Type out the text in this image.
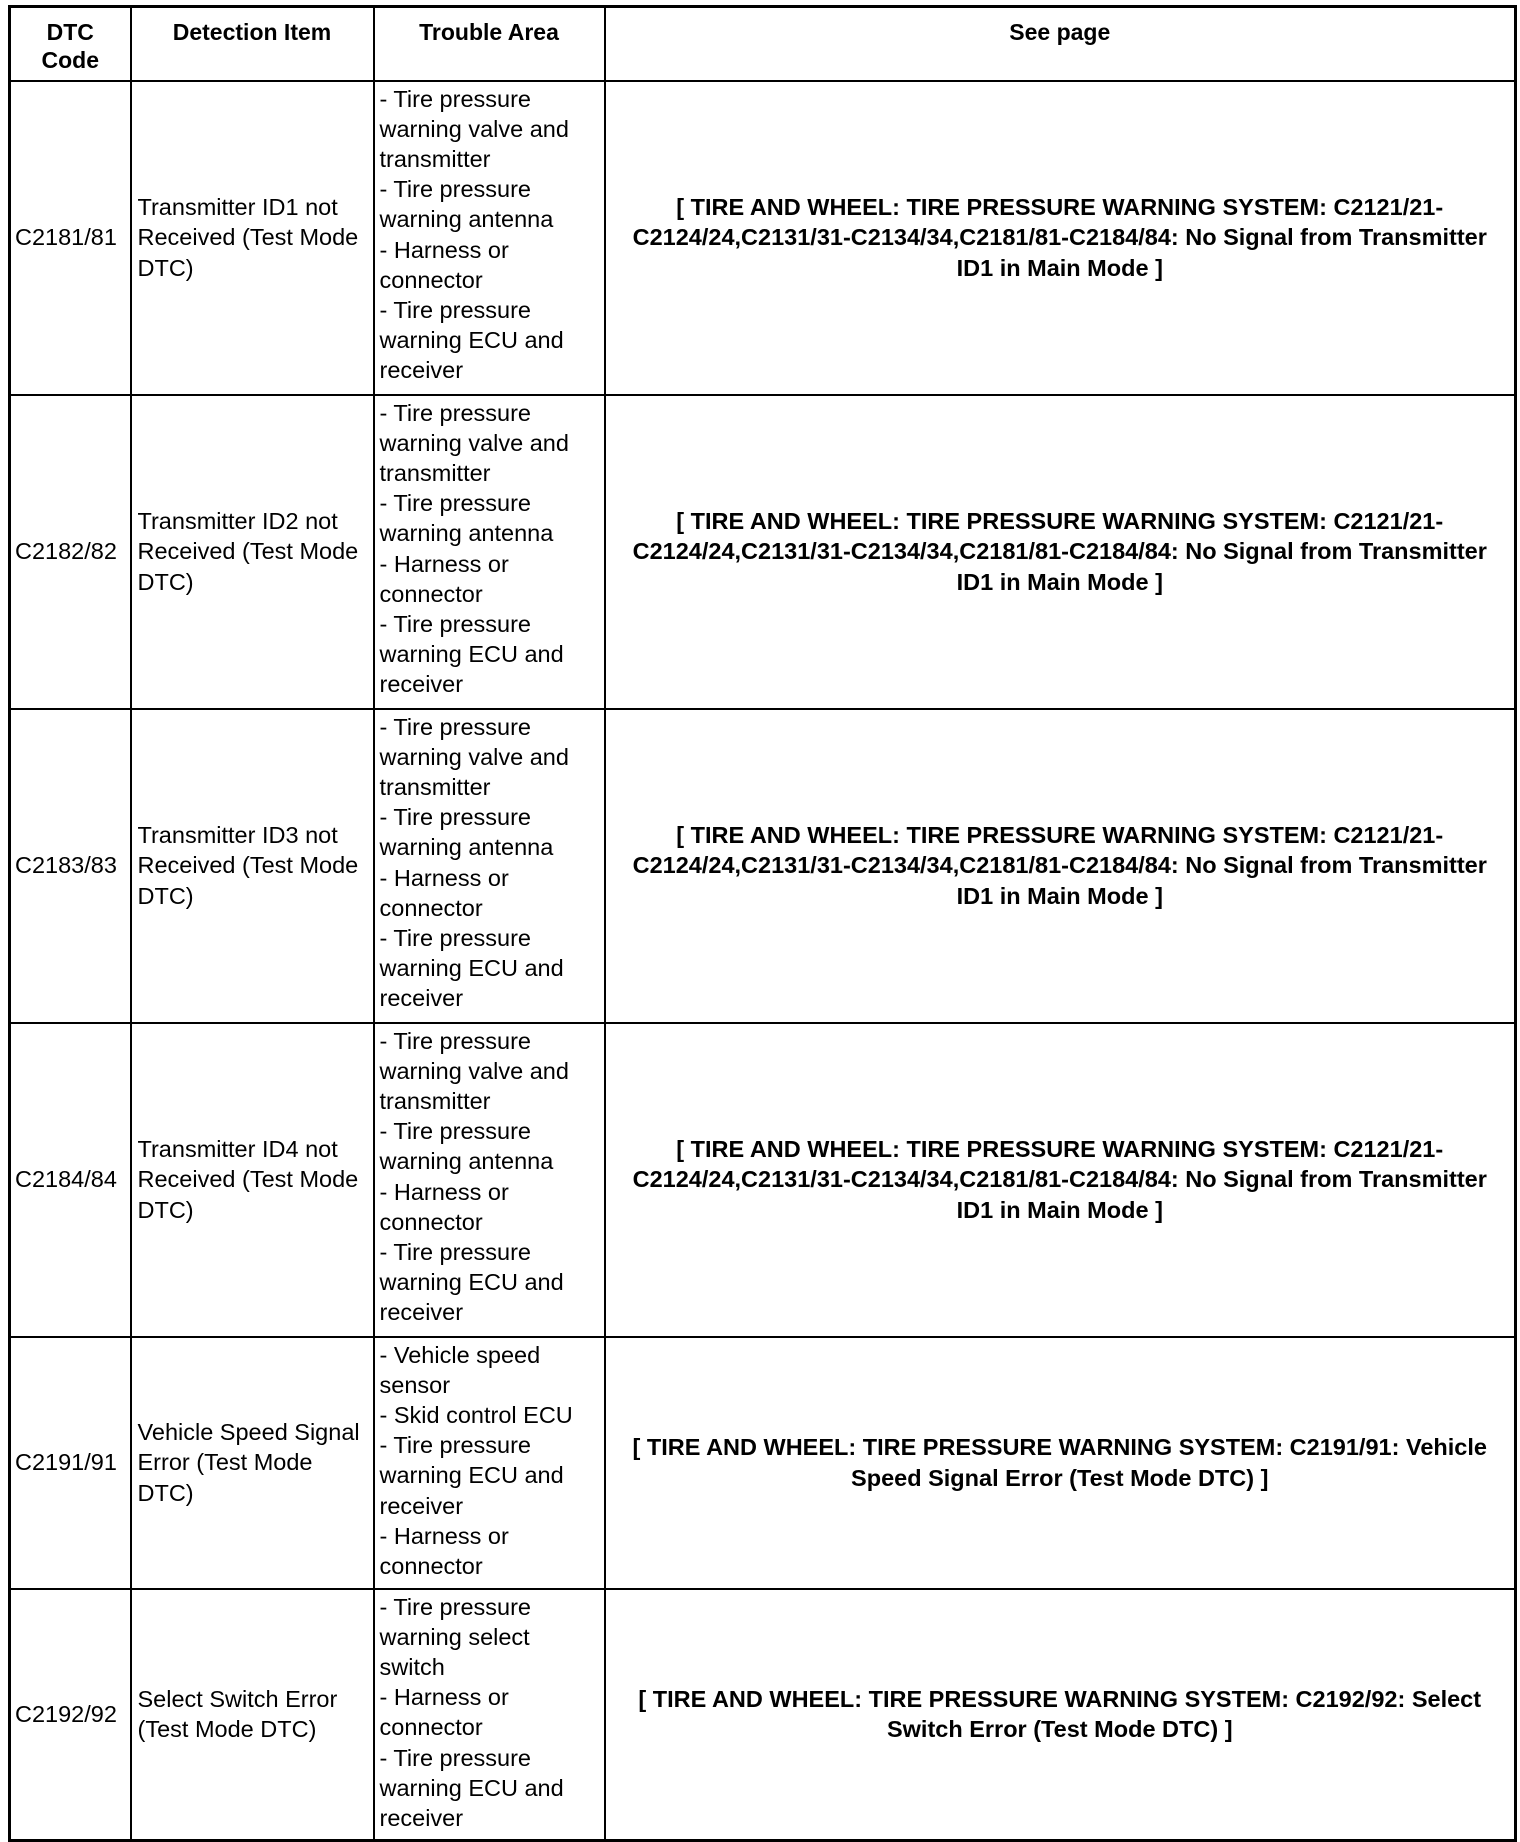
DTC
Code	Detection Item	Trouble Area	See page
C2181/81	Transmitter ID1 not Received (Test Mode DTC)	- Tire pressure warning valve and transmitter
- Tire pressure warning antenna
- Harness or connector
- Tire pressure warning ECU and receiver	[ TIRE AND WHEEL: TIRE PRESSURE WARNING SYSTEM: C2121/21-C2124/24,C2131/31-C2134/34,C2181/81-C2184/84: No Signal from Transmitter ID1 in Main Mode ]
C2182/82	Transmitter ID2 not Received (Test Mode DTC)	- Tire pressure warning valve and transmitter
- Tire pressure warning antenna
- Harness or connector
- Tire pressure warning ECU and receiver	[ TIRE AND WHEEL: TIRE PRESSURE WARNING SYSTEM: C2121/21-C2124/24,C2131/31-C2134/34,C2181/81-C2184/84: No Signal from Transmitter ID1 in Main Mode ]
C2183/83	Transmitter ID3 not Received (Test Mode DTC)	- Tire pressure warning valve and transmitter
- Tire pressure warning antenna
- Harness or connector
- Tire pressure warning ECU and receiver	[ TIRE AND WHEEL: TIRE PRESSURE WARNING SYSTEM: C2121/21-C2124/24,C2131/31-C2134/34,C2181/81-C2184/84: No Signal from Transmitter ID1 in Main Mode ]
C2184/84	Transmitter ID4 not Received (Test Mode DTC)	- Tire pressure warning valve and transmitter
- Tire pressure warning antenna
- Harness or connector
- Tire pressure warning ECU and receiver	[ TIRE AND WHEEL: TIRE PRESSURE WARNING SYSTEM: C2121/21-C2124/24,C2131/31-C2134/34,C2181/81-C2184/84: No Signal from Transmitter ID1 in Main Mode ]
C2191/91	Vehicle Speed Signal Error (Test Mode DTC)	- Vehicle speed sensor
- Skid control ECU
- Tire pressure warning ECU and receiver
- Harness or connector	[ TIRE AND WHEEL: TIRE PRESSURE WARNING SYSTEM: C2191/91: Vehicle Speed Signal Error (Test Mode DTC) ]
C2192/92	Select Switch Error (Test Mode DTC)	- Tire pressure warning select switch
- Harness or connector
- Tire pressure warning ECU and receiver	[ TIRE AND WHEEL: TIRE PRESSURE WARNING SYSTEM: C2192/92: Select Switch Error (Test Mode DTC) ]
